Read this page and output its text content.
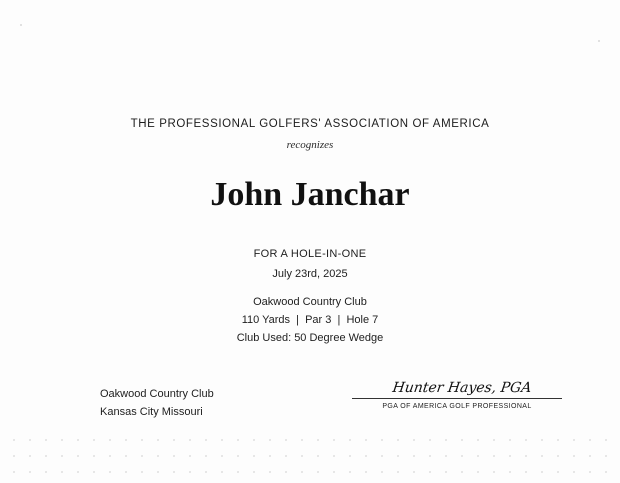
THE PROFESSIONAL GOLFERS' ASSOCIATION OF AMERICA
recognizes
John Janchar
FOR A HOLE-IN-ONE
July 23rd, 2025
Oakwood Country Club
110 Yards  |  Par 3  |  Hole 7
Club Used: 50 Degree Wedge
Oakwood Country Club
Kansas City Missouri
Hunter Hayes, PGA
PGA OF AMERICA GOLF PROFESSIONAL
